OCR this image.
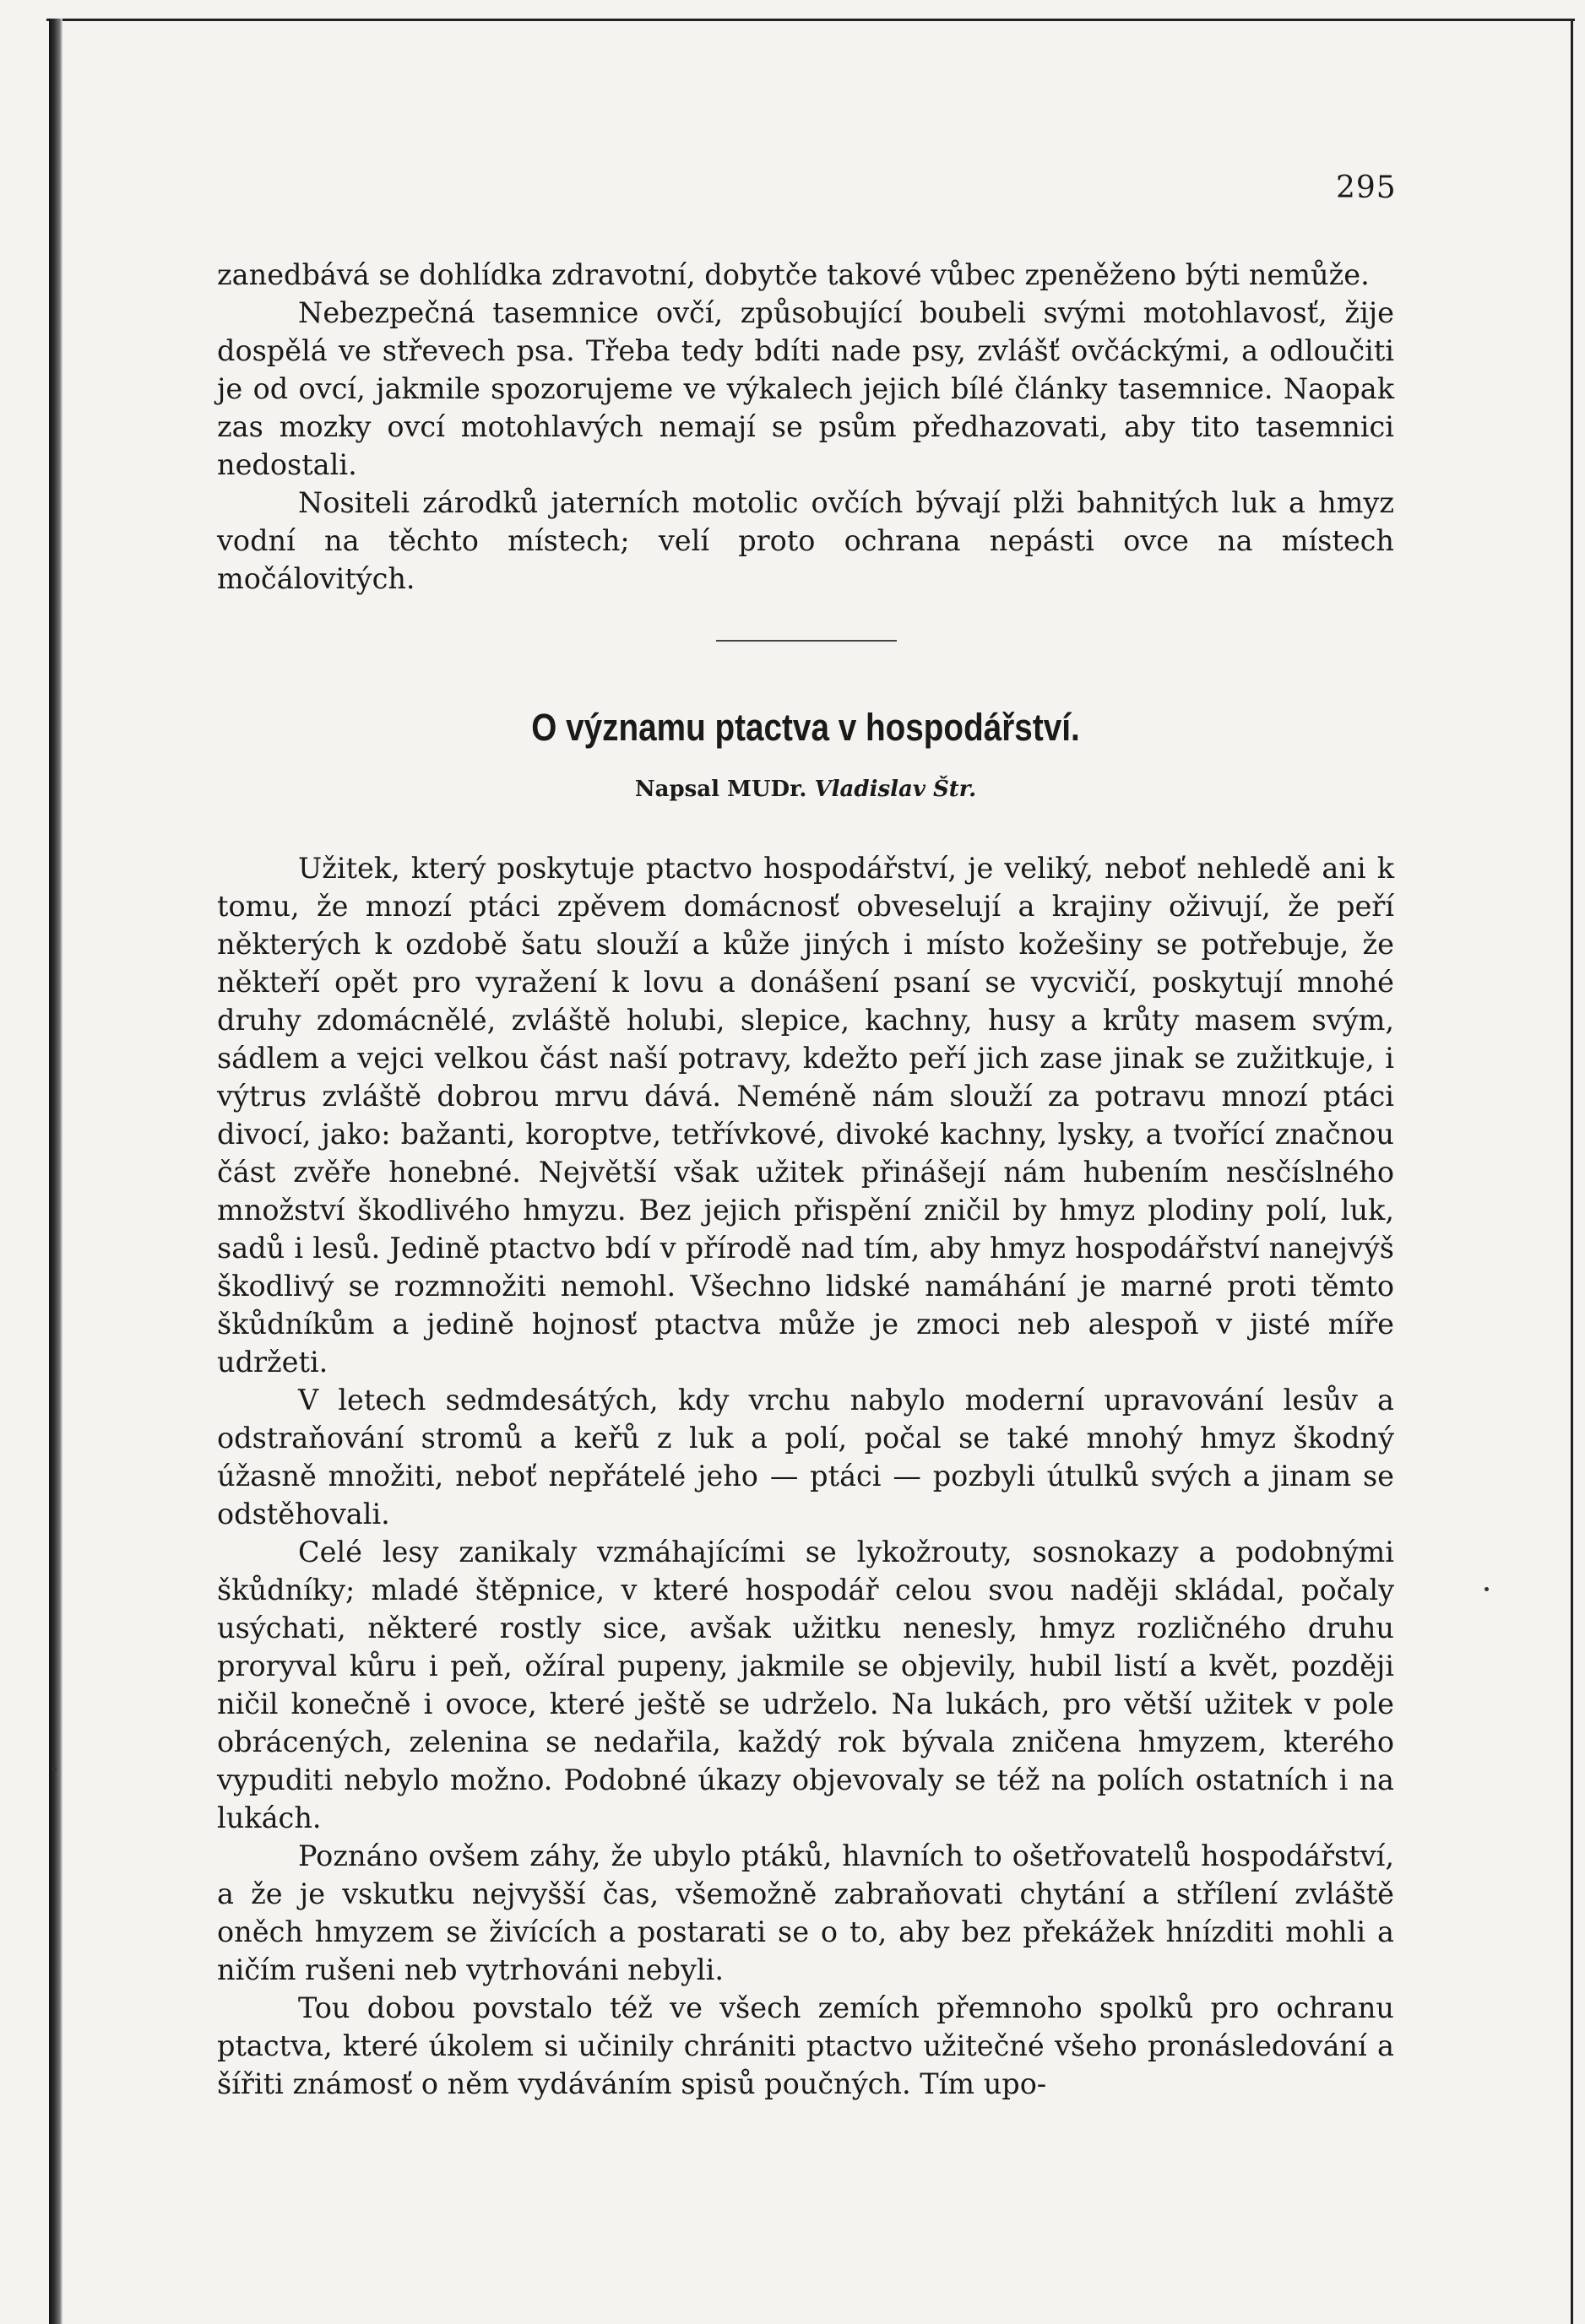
295

zanedbává se dohlídka zdravotní, dobytče takové vůbec zpeněženo býti nemůže.

Nebezpečná tasemnice ovčí, způsobující boubeli svými motohlavosť, žije dospělá ve střevech psa. Třeba tedy bdíti nade psy, zvlášť ovčáckými, a odloučiti je od ovcí, jakmile spozorujeme ve výkalech jejich bílé články tasemnice. Naopak zas mozky ovcí motohlavých nemají se psům předhazovati, aby tito tasemnici nedostali.

Nositeli zárodků jaterních motolic ovčích bývají plži bahnitých luk a hmyz vodní na těchto místech; velí proto ochrana nepásti ovce na místech močálovitých.

O významu ptactva v hospodářství.
Napsal MUDr. Vladislav Štr.

Užitek, který poskytuje ptactvo hospodářství, je veliký, neboť nehledě ani k tomu, že mnozí ptáci zpěvem domácnosť obveselují a krajiny oživují, že peří některých k ozdobě šatu slouží a kůže jiných i místo kožešiny se potřebuje, že někteří opět pro vyražení k lovu a donášení psaní se vycvičí, poskytují mnohé druhy zdomácnělé, zvláště holubi, slepice, kachny, husy a krůty masem svým, sádlem a vejci velkou část naší potravy, kdežto peří jich zase jinak se zužitkuje, i výtrus zvláště dobrou mrvu dává. Neméně nám slouží za potravu mnozí ptáci divocí, jako: bažanti, koroptve, tetřívkové, divoké kachny, lysky, a tvořící značnou část zvěře honebné. Největší však užitek přinášejí nám hubením nesčíslného množství škodlivého hmyzu. Bez jejich přispění zničil by hmyz plodiny polí, luk, sadů i lesů. Jedině ptactvo bdí v přírodě nad tím, aby hmyz hospodářství nanejvýš škodlivý se rozmnožiti nemohl. Všechno lidské namáhání je marné proti těmto škůdníkům a jedině hojnosť ptactva může je zmoci neb alespoň v jisté míře udržeti.

V letech sedmdesátých, kdy vrchu nabylo moderní upravování lesův a odstraňování stromů a keřů z luk a polí, počal se také mnohý hmyz škodný úžasně množiti, neboť nepřátelé jeho — ptáci — pozbyli útulků svých a jinam se odstěhovali.

Celé lesy zanikaly vzmáhajícími se lykožrouty, sosnokazy a podobnými škůdníky; mladé štěpnice, v které hospodář celou svou naději skládal, počaly usýchati, některé rostly sice, avšak užitku nenesly, hmyz rozličného druhu proryval kůru i peň, ožíral pupeny, jakmile se objevily, hubil listí a květ, později ničil konečně i ovoce, které ještě se udrželo. Na lukách, pro větší užitek v pole obrácených, zelenina se nedařila, každý rok bývala zničena hmyzem, kterého vypuditi nebylo možno. Podobné úkazy objevovaly se též na polích ostatních i na lukách.

Poznáno ovšem záhy, že ubylo ptáků, hlavních to ošetřovatelů hospodářství, a že je vskutku nejvyšší čas, všemožně zabraňovati chytání a střílení zvláště oněch hmyzem se živících a postarati se o to, aby bez překážek hnízditi mohli a ničím rušeni neb vytrhováni nebyli.

Tou dobou povstalo též ve všech zemích přemnoho spolků pro ochranu ptactva, které úkolem si učinily chrániti ptactvo užitečné všeho pronásledování a šířiti známosť o něm vydáváním spisů poučných. Tím upo-
